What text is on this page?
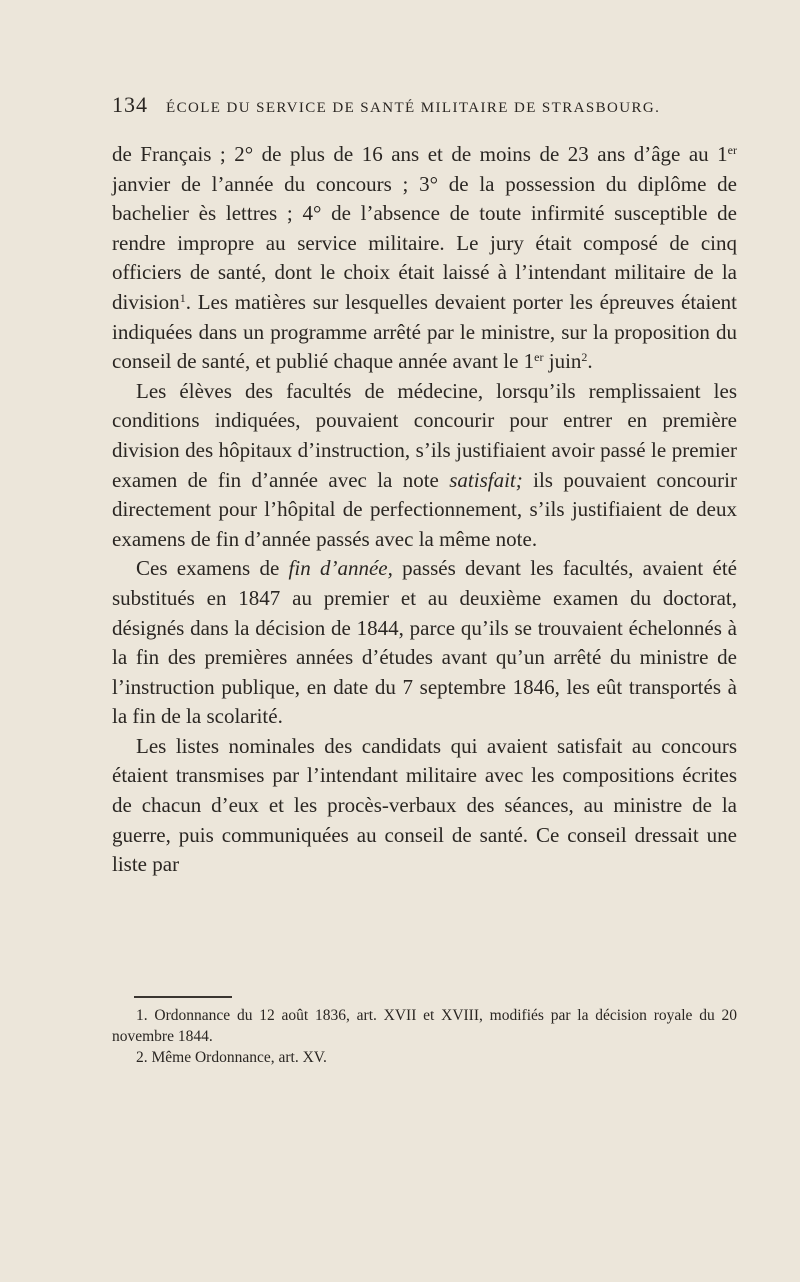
134 ÉCOLE DU SERVICE DE SANTÉ MILITAIRE DE STRASBOURG.

de Français ; 2° de plus de 16 ans et de moins de 23 ans d’âge au 1er janvier de l’année du concours ; 3° de la possession du diplôme de bachelier ès lettres ; 4° de l’absence de toute infirmité susceptible de rendre impropre au service militaire. Le jury était composé de cinq officiers de santé, dont le choix était laissé à l’intendant militaire de la division$^1$. Les matières sur lesquelles devaient porter les épreuves étaient indiquées dans un programme arrêté par le ministre, sur la proposition du conseil de santé, et publié chaque année avant le 1er juin$^2$.

Les élèves des facultés de médecine, lorsqu’ils remplissaient les conditions indiquées, pouvaient concourir pour entrer en première division des hôpitaux d’instruction, s’ils justifiaient avoir passé le premier examen de fin d’année avec la note satisfait; ils pouvaient concourir directement pour l’hôpital de perfectionnement, s’ils justifiaient de deux examens de fin d’année passés avec la même note.

Ces examens de fin d’année, passés devant les facultés, avaient été substitués en 1847 au premier et au deuxième examen du doctorat, désignés dans la décision de 1844, parce qu’ils se trouvaient échelonnés à la fin des premières années d’études avant qu’un arrêté du ministre de l’instruction publique, en date du 7 septembre 1846, les eût transportés à la fin de la scolarité.

Les listes nominales des candidats qui avaient satisfait au concours étaient transmises par l’intendant militaire avec les compositions écrites de chacun d’eux et les procès-verbaux des séances, au ministre de la guerre, puis communiquées au conseil de santé. Ce conseil dressait une liste par

1. Ordonnance du 12 août 1836, art. XVII et XVIII, modifiés par la décision royale du 20 novembre 1844.

2. Même Ordonnance, art. XV.
